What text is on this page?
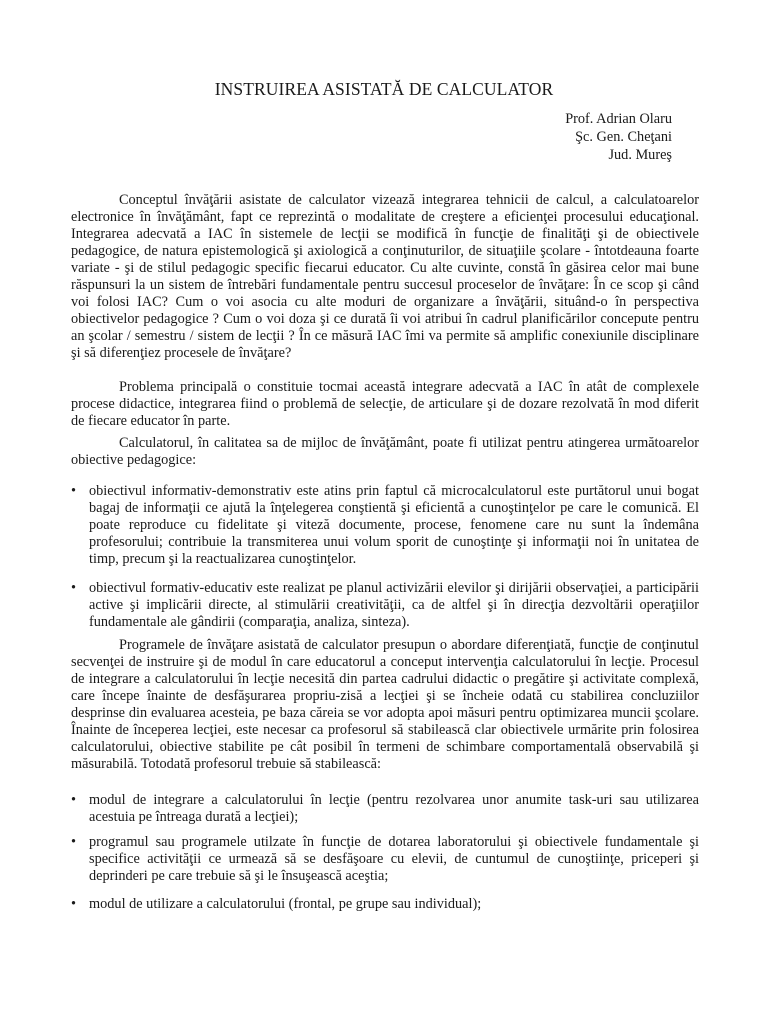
INSTRUIREA ASISTATĂ DE CALCULATOR
Prof. Adrian Olaru
Şc. Gen. Cheţani
Jud. Mureş

Conceptul învăţării asistate de calculator vizează integrarea tehnicii de calcul, a calculatoarelor electronice în învăţământ, fapt ce reprezintă o modalitate de creştere a eficienţei procesului educaţional. Integrarea adecvată a IAC în sistemele de lecţii se modifică în funcţie de finalităţi şi de obiectivele pedagogice, de natura epistemologică şi axiologică a conţinuturilor, de situaţiile şcolare - întotdeauna foarte variate - şi de stilul pedagogic specific fiecarui educator. Cu alte cuvinte, constă în găsirea celor mai bune răspunsuri la un sistem de întrebări fundamentale pentru succesul proceselor de învăţare: În ce scop şi când voi folosi IAC? Cum o voi asocia cu alte moduri de organizare a învăţării, situând-o în perspectiva obiectivelor pedagogice ? Cum o voi doza şi ce durată îi voi atribui în cadrul planificărilor concepute pentru an şcolar / semestru / sistem de lecţii ? În ce măsură IAC îmi va permite să amplific conexiunile disciplinare şi să diferenţiez procesele de învăţare?

Problema principală o constituie tocmai această integrare adecvată a IAC în atât de complexele procese didactice, integrarea fiind o problemă de selecţie, de articulare şi de dozare rezolvată în mod diferit de fiecare educator în parte.

Calculatorul, în calitatea sa de mijloc de învăţământ, poate fi utilizat pentru atingerea următoarelor obiective pedagogice:

• obiectivul informativ-demonstrativ este atins prin faptul că microcalculatorul este purtătorul unui bogat bagaj de informaţii ce ajută la înţelegerea conştientă şi eficientă a cunoştinţelor pe care le comunică. El poate reproduce cu fidelitate şi viteză documente, procese, fenomene care nu sunt la îndemâna profesorului; contribuie la transmiterea unui volum sporit de cunoştinţe şi informaţii noi în unitatea de timp, precum şi la reactualizarea cunoştinţelor.
• obiectivul formativ-educativ este realizat pe planul activizării elevilor şi dirijării observaţiei, a participării active şi implicării directe, al stimulării creativităţii, ca de altfel şi în direcţia dezvoltării operaţiilor fundamentale ale gândirii (comparaţia, analiza, sinteza).

Programele de învăţare asistată de calculator presupun o abordare diferenţiată, funcţie de conţinutul secvenţei de instruire şi de modul în care educatorul a conceput intervenţia calculatorului în lecţie. Procesul de integrare a calculatorului în lecţie necesită din partea cadrului didactic o pregătire şi activitate complexă, care începe înainte de desfăşurarea propriu-zisă a lecţiei şi se încheie odată cu stabilirea concluziilor desprinse din evaluarea acesteia, pe baza căreia se vor adopta apoi măsuri pentru optimizarea muncii şcolare. Înainte de începerea lecţiei, este necesar ca profesorul să stabilească clar obiectivele urmărite prin folosirea calculatorului, obiective stabilite pe cât posibil în termeni de schimbare comportamentală observabilă şi măsurabilă. Totodată profesorul trebuie să stabilească:

• modul de integrare a calculatorului în lecţie (pentru rezolvarea unor anumite task-uri sau utilizarea acestuia pe întreaga durată a lecţiei);
• programul sau programele utilzate în funcţie de dotarea laboratorului şi obiectivele fundamentale şi specifice activităţii ce urmează să se desfăşoare cu elevii, de cuntumul de cunoştiinţe, priceperi şi deprinderi pe care trebuie să şi le însuşească aceştia;
• modul de utilizare a calculatorului (frontal, pe grupe sau individual);
